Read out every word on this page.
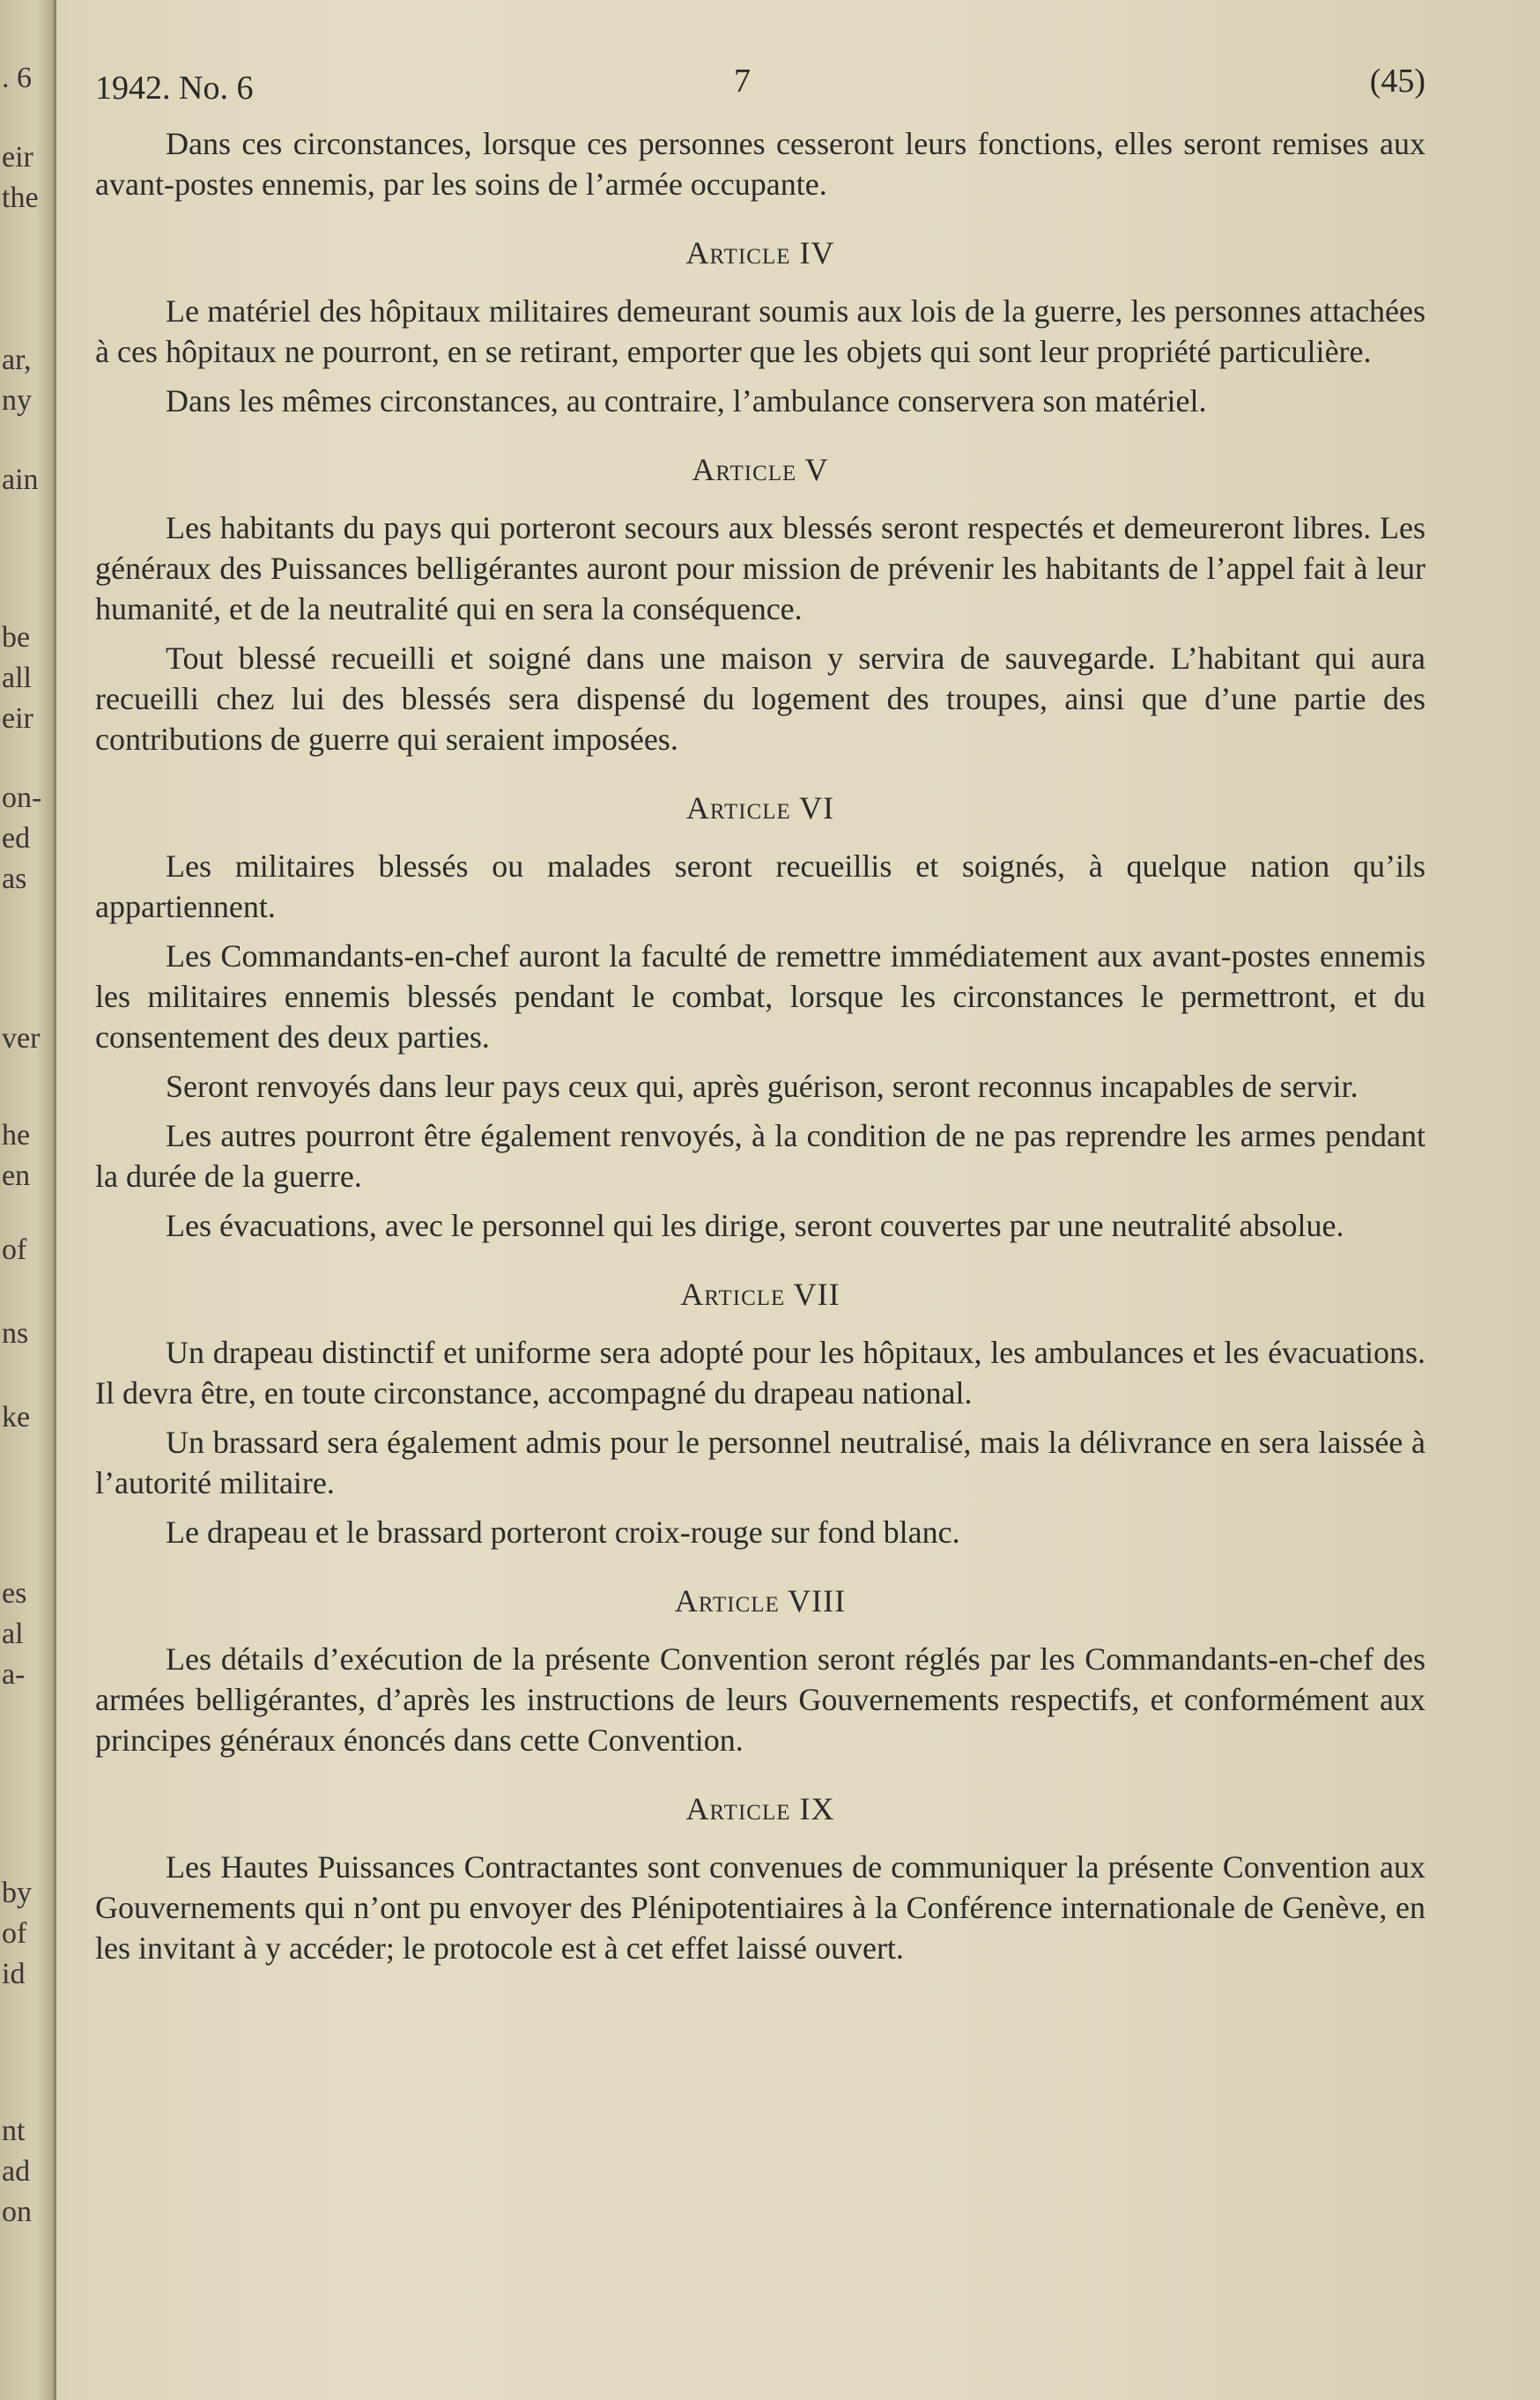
. 6
eir
the
ar,
ny
ain
be
all
eir
on-
ed
as
ver
he
en
of
ns
ke
es
al
a-
by
of
id
nt
ad
on
1942. No. 6	7	(45)

Dans ces circonstances, lorsque ces personnes cesseront leurs fonctions, elles seront remises aux avant-postes ennemis, par les soins de l’armée occupante.

Article IV

Le matériel des hôpitaux militaires demeurant soumis aux lois de la guerre, les personnes attachées à ces hôpitaux ne pourront, en se retirant, emporter que les objets qui sont leur propriété particulière.

Dans les mêmes circonstances, au contraire, l’ambulance conservera son matériel.

Article V

Les habitants du pays qui porteront secours aux blessés seront respectés et demeureront libres. Les généraux des Puissances belligérantes auront pour mission de prévenir les habitants de l’appel fait à leur humanité, et de la neutralité qui en sera la conséquence.

Tout blessé recueilli et soigné dans une maison y servira de sauvegarde. L’habitant qui aura recueilli chez lui des blessés sera dispensé du logement des troupes, ainsi que d’une partie des contributions de guerre qui seraient imposées.

Article VI

Les militaires blessés ou malades seront recueillis et soignés, à quelque nation qu’ils appartiennent.

Les Commandants-en-chef auront la faculté de remettre immédiatement aux avant-postes ennemis les militaires ennemis blessés pendant le combat, lorsque les circonstances le permettront, et du consentement des deux parties.

Seront renvoyés dans leur pays ceux qui, après guérison, seront reconnus incapables de servir.

Les autres pourront être également renvoyés, à la condition de ne pas reprendre les armes pendant la durée de la guerre.

Les évacuations, avec le personnel qui les dirige, seront couvertes par une neutralité absolue.

Article VII

Un drapeau distinctif et uniforme sera adopté pour les hôpitaux, les ambulances et les évacuations. Il devra être, en toute circonstance, accompagné du drapeau national.

Un brassard sera également admis pour le personnel neutralisé, mais la délivrance en sera laissée à l’autorité militaire.

Le drapeau et le brassard porteront croix-rouge sur fond blanc.

Article VIII

Les détails d’exécution de la présente Convention seront réglés par les Commandants-en-chef des armées belligérantes, d’après les instructions de leurs Gouvernements respectifs, et conformément aux principes généraux énoncés dans cette Convention.

Article IX

Les Hautes Puissances Contractantes sont convenues de communiquer la présente Convention aux Gouvernements qui n’ont pu envoyer des Plénipotentiaires à la Conférence internationale de Genève, en les invitant à y accéder; le protocole est à cet effet laissé ouvert.
